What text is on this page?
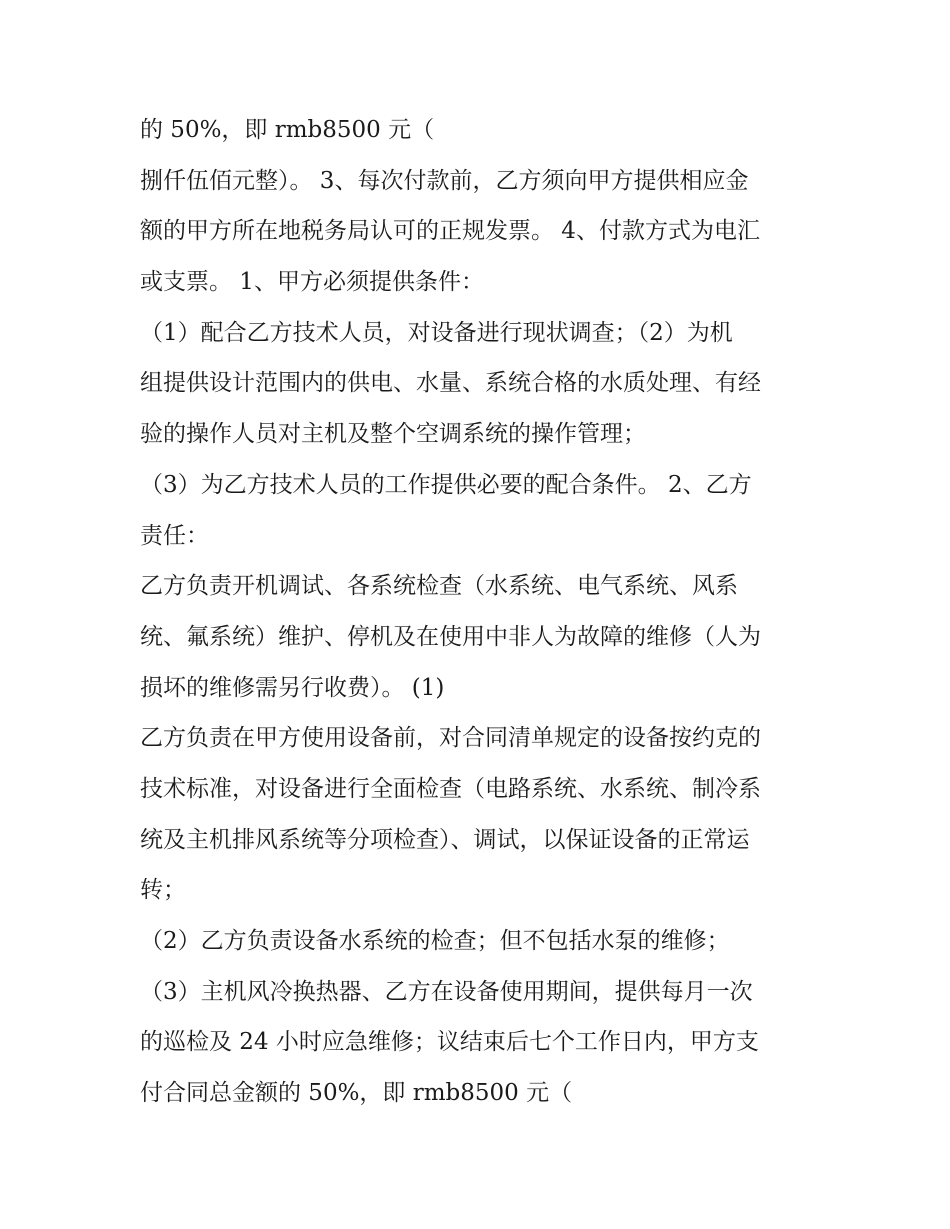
的 50%，即 rmb8500 元（
捌仟伍佰元整）。 3、每次付款前，乙方须向甲方提供相应金
额的甲方所在地税务局认可的正规发票。 4、付款方式为电汇
或支票。 1、甲方必须提供条件：
（1）配合乙方技术人员，对设备进行现状调查；（2）为机
组提供设计范围内的供电、水量、系统合格的水质处理、有经
验的操作人员对主机及整个空调系统的操作管理；
（3）为乙方技术人员的工作提供必要的配合条件。 2、乙方
责任：
乙方负责开机调试、各系统检查（水系统、电气系统、风系
统、氟系统）维护、停机及在使用中非人为故障的维修（人为
损坏的维修需另行收费）。 (1)
乙方负责在甲方使用设备前，对合同清单规定的设备按约克的
技术标准，对设备进行全面检查（电路系统、水系统、制冷系
统及主机排风系统等分项检查）、调试，以保证设备的正常运
转；
（2）乙方负责设备水系统的检查；但不包括水泵的维修；
（3）主机风冷换热器、乙方在设备使用期间，提供每月一次
的巡检及 24 小时应急维修；议结束后七个工作日内，甲方支
付合同总金额的 50%，即 rmb8500 元（
